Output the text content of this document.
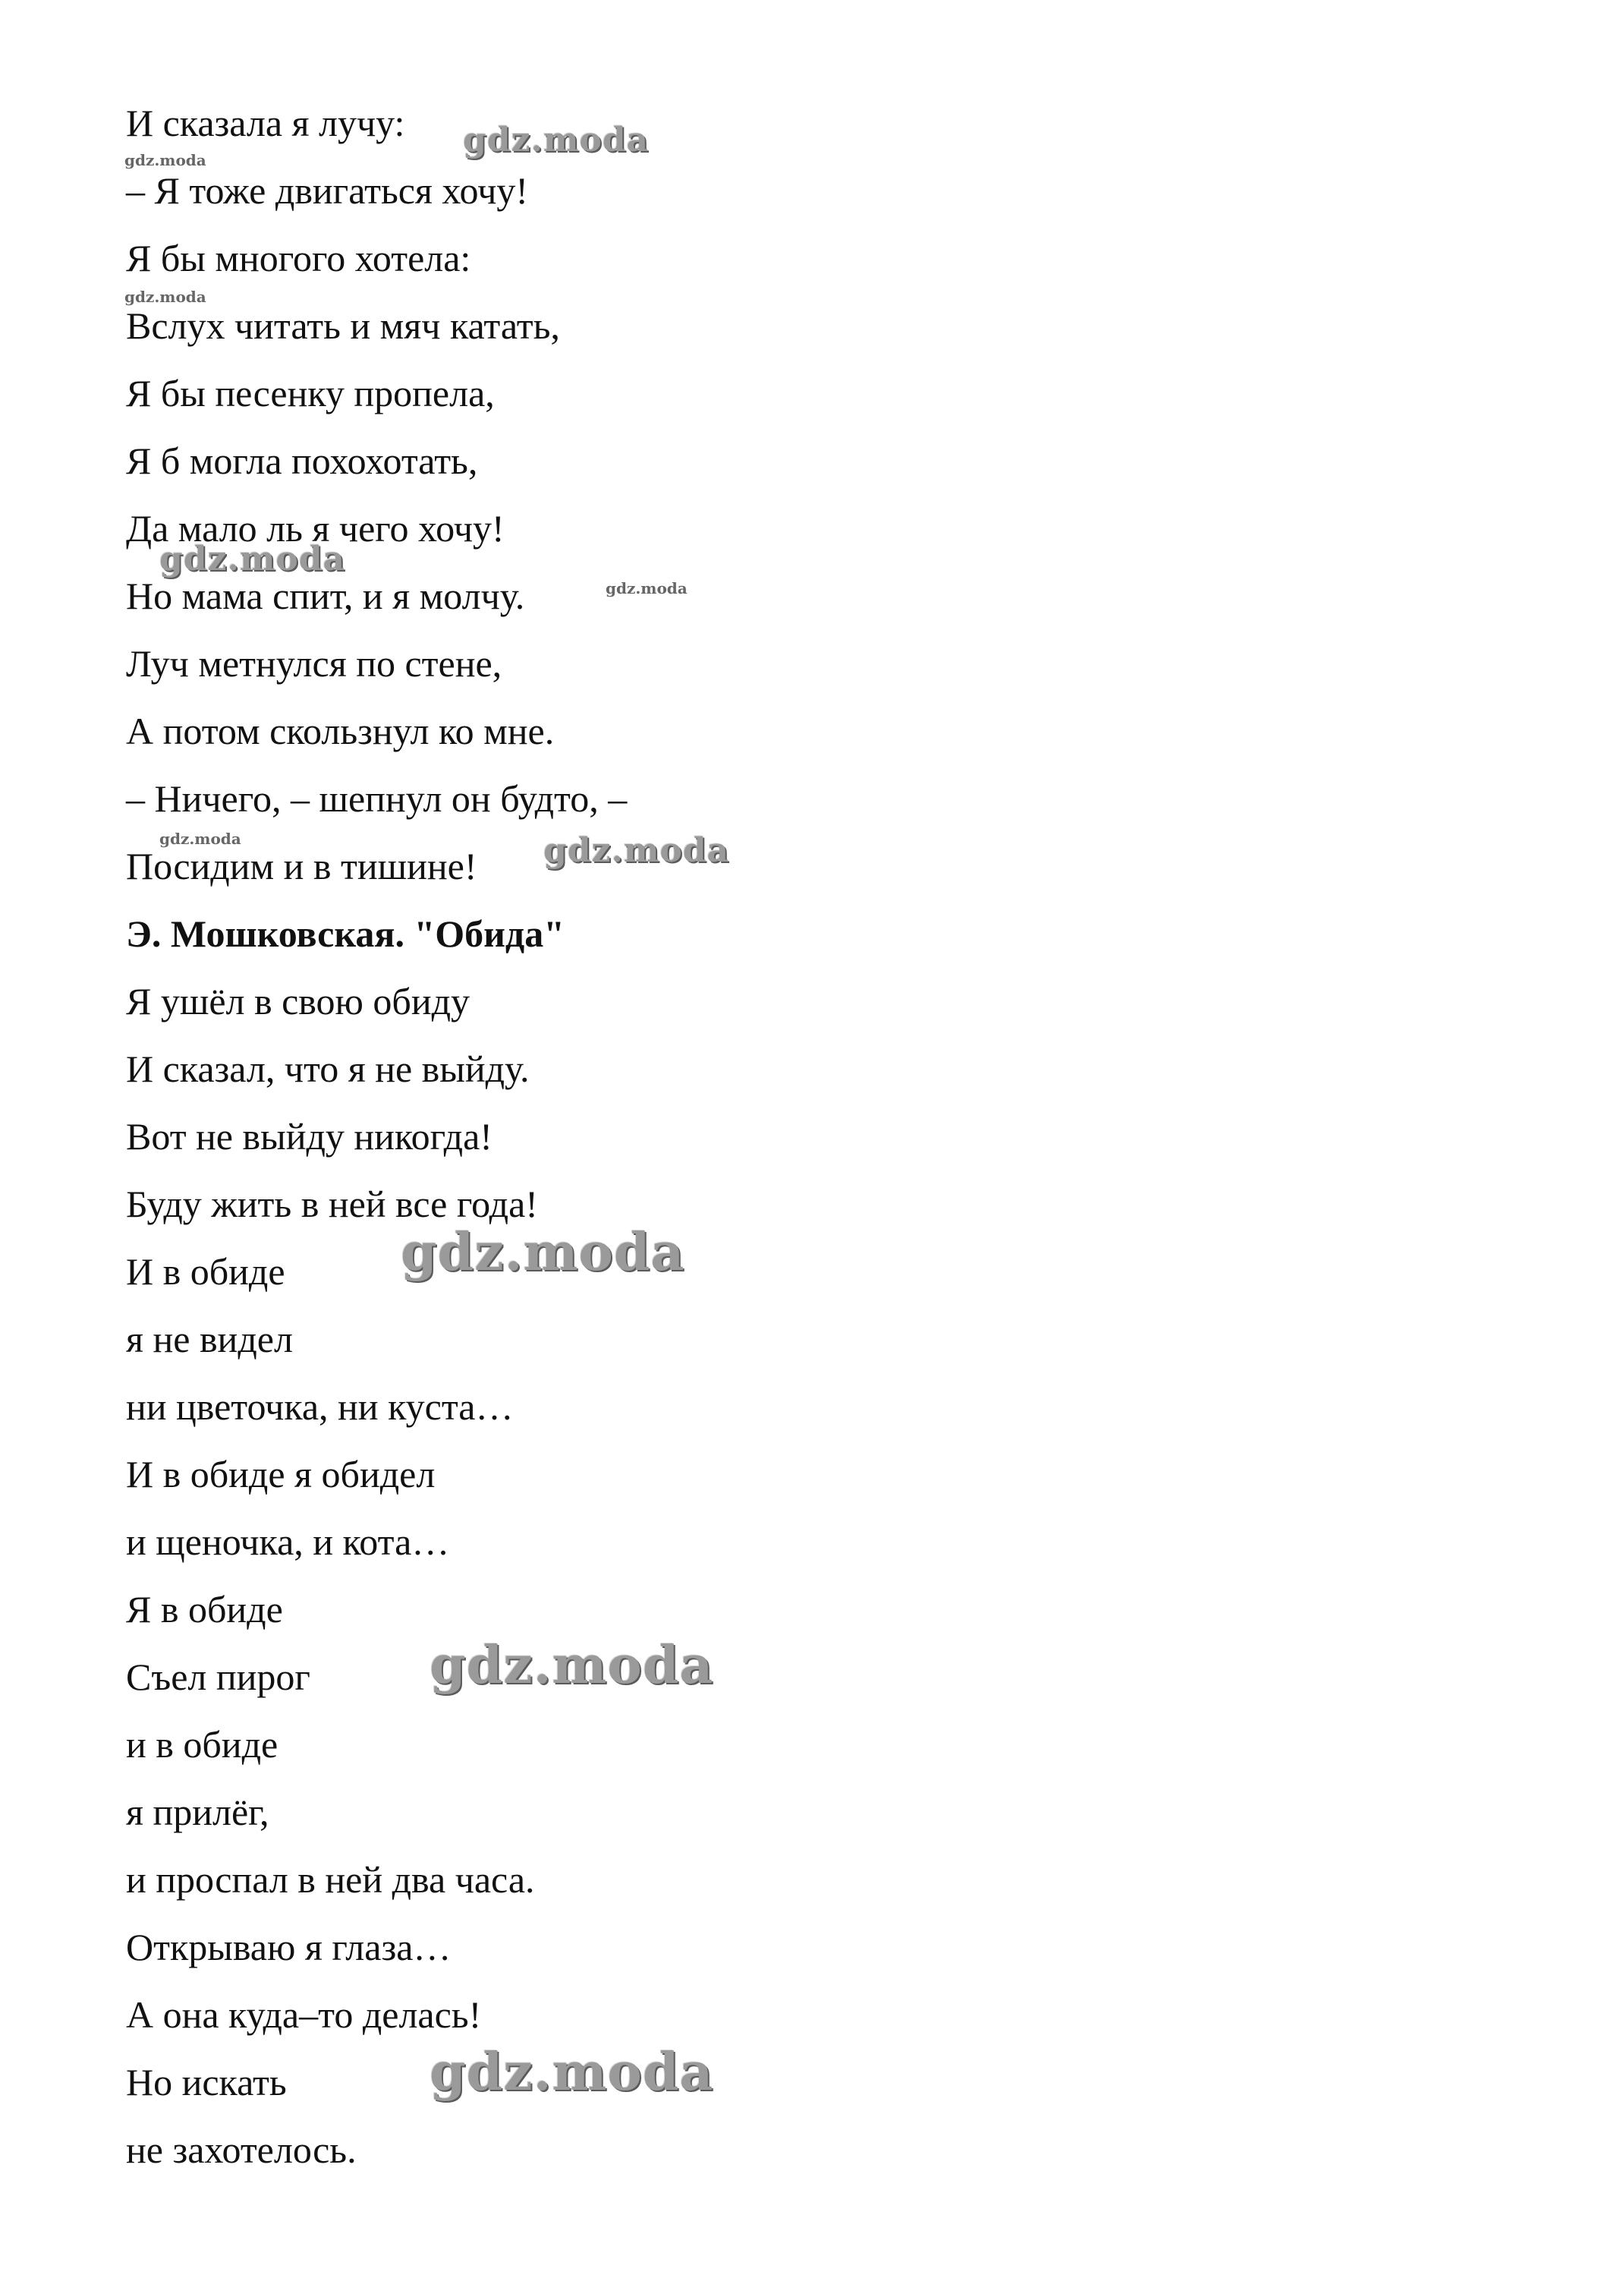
И сказала я лучу:
– Я тоже двигаться хочу!
Я бы многого хотела:
Вслух читать и мяч катать,
Я бы песенку пропела,
Я б могла похохотать,
Да мало ль я чего хочу!
Но мама спит, и я молчу.
Луч метнулся по стене,
А потом скользнул ко мне.
– Ничего, – шепнул он будто, –
Посидим и в тишине!
Э. Мошковская. "Обида"
Я ушёл в свою обиду
И сказал, что я не выйду.
Вот не выйду никогда!
Буду жить в ней все года!
И в обиде
я не видел
ни цветочка, ни куста…
И в обиде я обидел
и щеночка, и кота…
Я в обиде
Съел пирог
и в обиде
я прилёг,
и проспал в ней два часа.
Открываю я глаза…
А она куда–то делась!
Но искать
не захотелось.
gdz.moda
gdz.moda
gdz.moda
gdz.moda
gdz.moda
gdz.moda	gdz.moda
gdz.moda
gdz.moda
gdz.moda
